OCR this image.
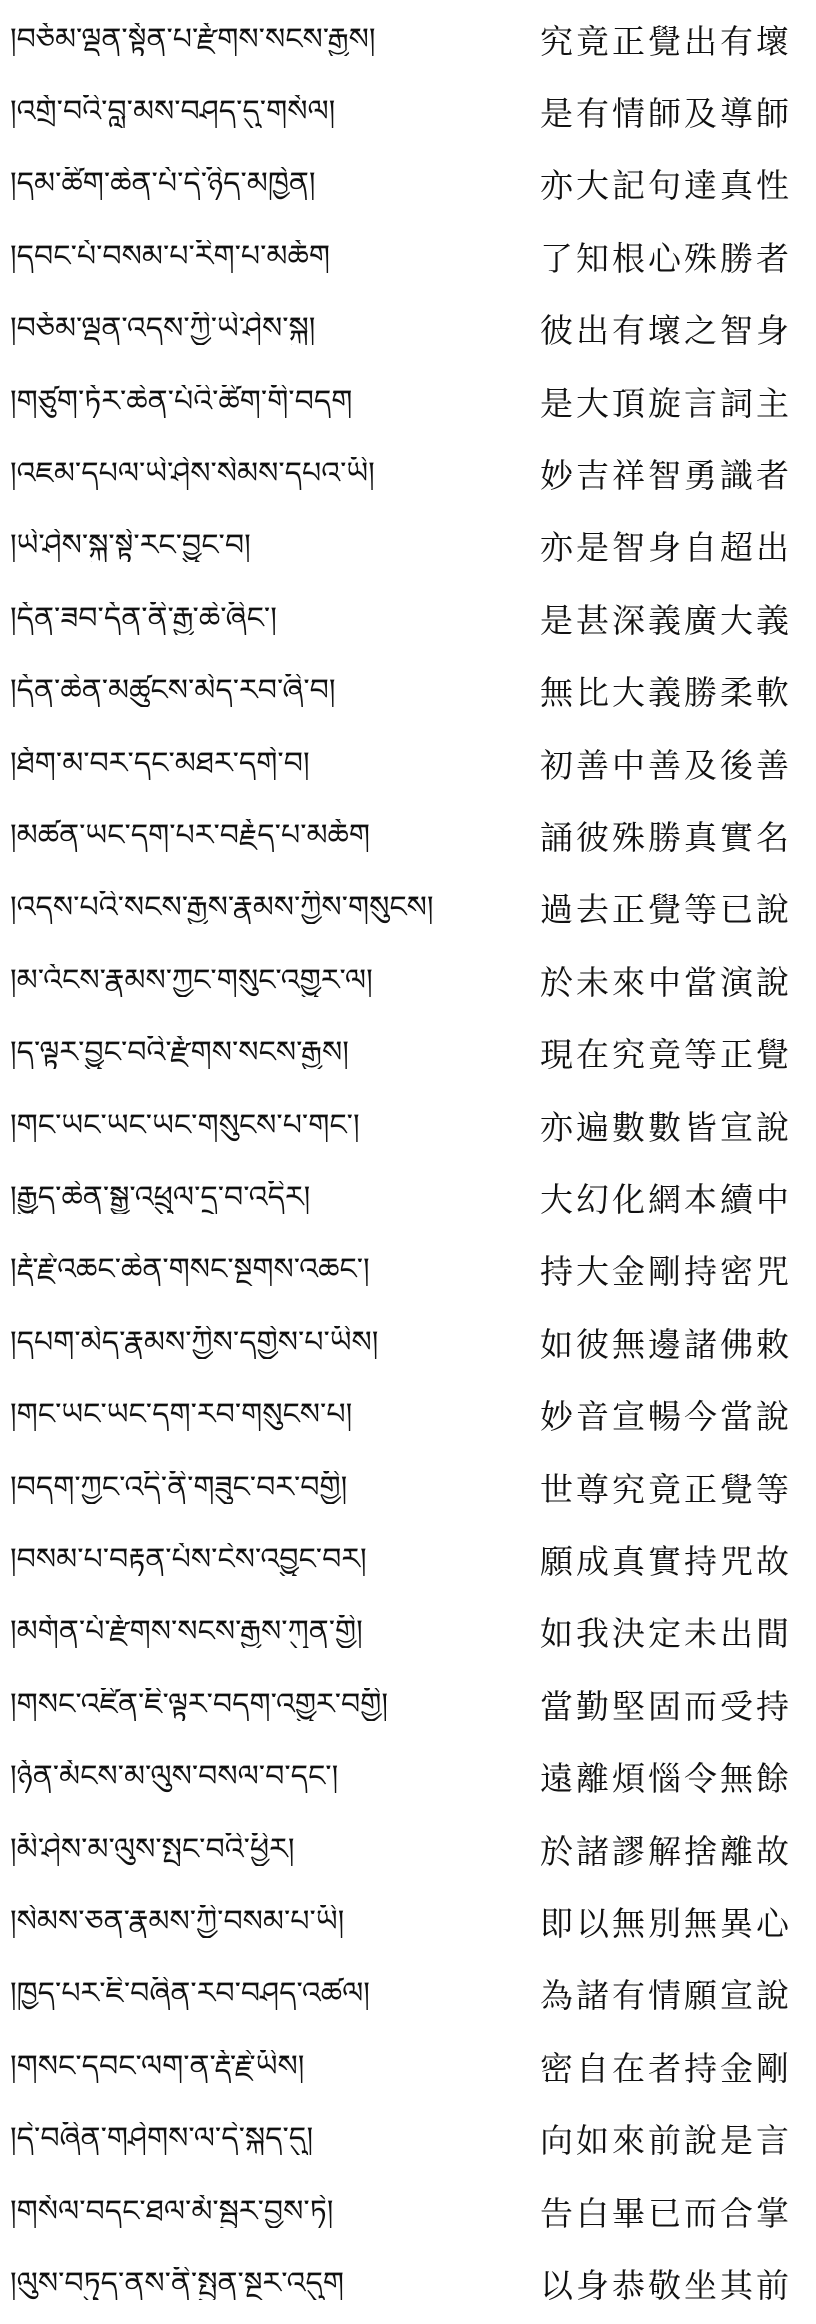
།བཅོམ་ལྡན་སྟོན་པ་རྫོགས་སངས་རྒྱས།	究竟正覺出有壞
།འགྲོ་བའི་བླ་མས་བཤད་དུ་གསོལ།	是有情師及導師
།དམ་ཚིག་ཆེན་པོ་དེ་ཉིད་མཁྱེན།	亦大記句達真性
།དབང་པོ་བསམ་པ་རིག་པ་མཆོག	了知根心殊勝者
།བཅོམ་ལྡན་འདས་ཀྱི་ཡེ་ཤེས་སྐུ།	彼出有壞之智身
།གཙུག་ཏོར་ཆེན་པོའི་ཚིག་གི་བདག	是大頂旋言詞主
།འཇམ་དཔལ་ཡེ་ཤེས་སེམས་དཔའ་ཡི།	妙吉祥智勇識者
།ཡེ་ཤེས་སྐུ་སྟེ་རང་བྱུང་བ།	亦是智身自超出
།དོན་ཟབ་དོན་ནི་རྒྱ་ཆེ་ཞིང་།	是甚深義廣大義
།དོན་ཆེན་མཚུངས་མེད་རབ་ཞི་བ།	無比大義勝柔軟
།ཐོག་མ་བར་དང་མཐར་དགེ་བ།	初善中善及後善
།མཚན་ཡང་དག་པར་བརྗོད་པ་མཆོག	誦彼殊勝真實名
།འདས་པའི་སངས་རྒྱས་རྣམས་ཀྱིས་གསུངས།	過去正覺等已說
།མ་འོངས་རྣམས་ཀྱང་གསུང་འགྱུར་ལ།	於未來中當演說
།ད་ལྟར་བྱུང་བའི་རྫོགས་སངས་རྒྱས།	現在究竟等正覺
།གང་ཡང་ཡང་ཡང་གསུངས་པ་གང་།	亦遍數數皆宣說
།རྒྱུད་ཆེན་སྒྱུ་འཕྲུལ་དྲ་བ་འདིར།	大幻化網本續中
།རྡོ་རྗེ་འཆང་ཆེན་གསང་སྔགས་འཆང་།	持大金剛持密咒
།དཔག་མེད་རྣམས་ཀྱིས་དགྱེས་པ་ཡིས།	如彼無邊諸佛敕
།གང་ཡང་ཡང་དག་རབ་གསུངས་པ།	妙音宣暢今當說
།བདག་ཀྱང་འདི་ནི་གཟུང་བར་བགྱི།	世尊究竟正覺等
།བསམ་པ་བརྟན་པོས་ངེས་འབྱུང་བར།	願成真實持咒故
།མགོན་པོ་རྫོགས་སངས་རྒྱས་ཀུན་གྱི།	如我決定未出間
།གསང་འཛིན་ཇི་ལྟར་བདག་འགྱུར་བགྱི།	當勤堅固而受持
།ཉོན་མོངས་མ་ལུས་བསལ་བ་དང་།	遠離煩惱令無餘
།མི་ཤེས་མ་ལུས་སྤང་བའི་ཕྱིར།	於諸謬解捨離故
།སེམས་ཅན་རྣམས་ཀྱི་བསམ་པ་ཡི།	即以無別無異心
།ཁྱད་པར་ཇི་བཞིན་རབ་བཤད་འཚལ།	為諸有情願宣說
།གསང་དབང་ལག་ན་རྡོ་རྗེ་ཡིས།	密自在者持金剛
།དེ་བཞིན་གཤེགས་ལ་དེ་སྐད་དུ།	向如來前說是言
།གསོལ་བདང་ཐལ་མོ་སྦྱར་བྱས་ཏེ།	告白畢已而合掌
།ལུས་བཏུད་ནས་ནི་སྤྱན་སྔར་འདུག	以身恭敬坐其前
